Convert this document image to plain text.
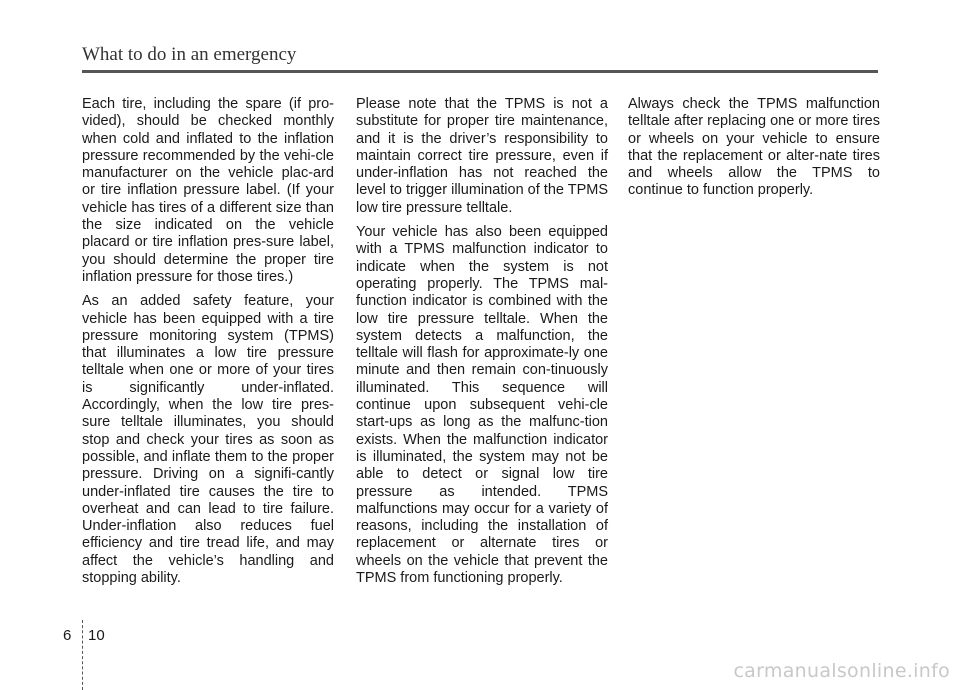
What to do in an emergency

Each tire, including the spare (if pro-vided), should be checked monthly when cold and inflated to the inflation pressure recommended by the vehi-cle manufacturer on the vehicle plac-ard or tire inflation pressure label. (If your vehicle has tires of a different size than the size indicated on the vehicle placard or tire inflation pres-sure label, you should determine the proper tire inflation pressure for those tires.)

As an added safety feature, your vehicle has been equipped with a tire pressure monitoring system (TPMS) that illuminates a low tire pressure telltale when one or more of your tires is significantly under-inflated. Accordingly, when the low tire pres-sure telltale illuminates, you should stop and check your tires as soon as possible, and inflate them to the proper pressure. Driving on a signifi-cantly under-inflated tire causes the tire to overheat and can lead to tire failure. Under-inflation also reduces fuel efficiency and tire tread life, and may affect the vehicle’s handling and stopping ability.

Please note that the TPMS is not a substitute for proper tire maintenance, and it is the driver’s responsibility to maintain correct tire pressure, even if under-inflation has not reached the level to trigger illumination of the TPMS low tire pressure telltale.

Your vehicle has also been equipped with a TPMS malfunction indicator to indicate when the system is not operating properly. The TPMS mal-function indicator is combined with the low tire pressure telltale. When the system detects a malfunction, the telltale will flash for approximate-ly one minute and then remain con-tinuously illuminated. This sequence will continue upon subsequent vehi-cle start-ups as long as the malfunc-tion exists. When the malfunction indicator is illuminated, the system may not be able to detect or signal low tire pressure as intended. TPMS malfunctions may occur for a variety of reasons, including the installation of replacement or alternate tires or wheels on the vehicle that prevent the TPMS from functioning properly.

Always check the TPMS malfunction telltale after replacing one or more tires or wheels on your vehicle to ensure that the replacement or alter-nate tires and wheels allow the TPMS to continue to function properly.

6 10
carmanualsonline.info
